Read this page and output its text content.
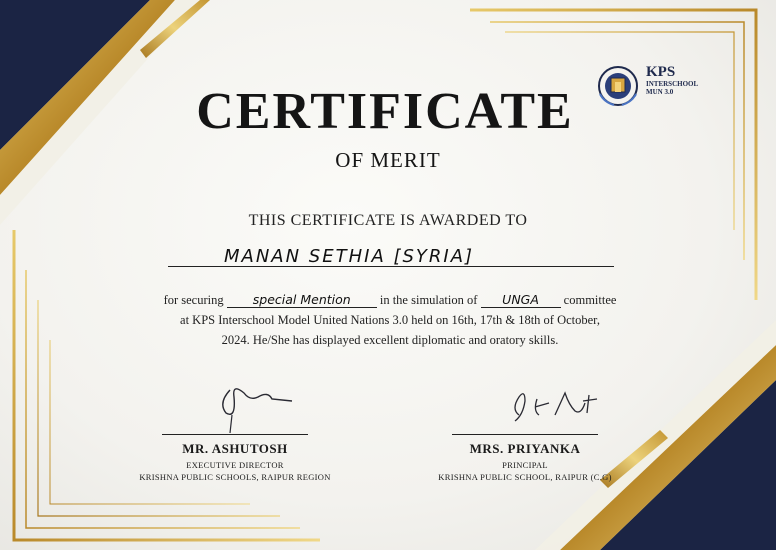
KPS
INTERSCHOOL
MUN 3.0
CERTIFICATE
OF MERIT
THIS CERTIFICATE IS AWARDED TO
MANAN SETHIA [SYRIA]
for securing special Mention in the simulation of UNGA committee
at KPS Interschool Model United Nations 3.0 held on 16th, 17th & 18th of October,
2024. He/She has displayed excellent diplomatic and oratory skills.
MR. ASHUTOSH
EXECUTIVE DIRECTOR
KRISHNA PUBLIC SCHOOLS, RAIPUR REGION
MRS. PRIYANKA
PRINCIPAL
KRISHNA PUBLIC SCHOOL, RAIPUR (C.G)
